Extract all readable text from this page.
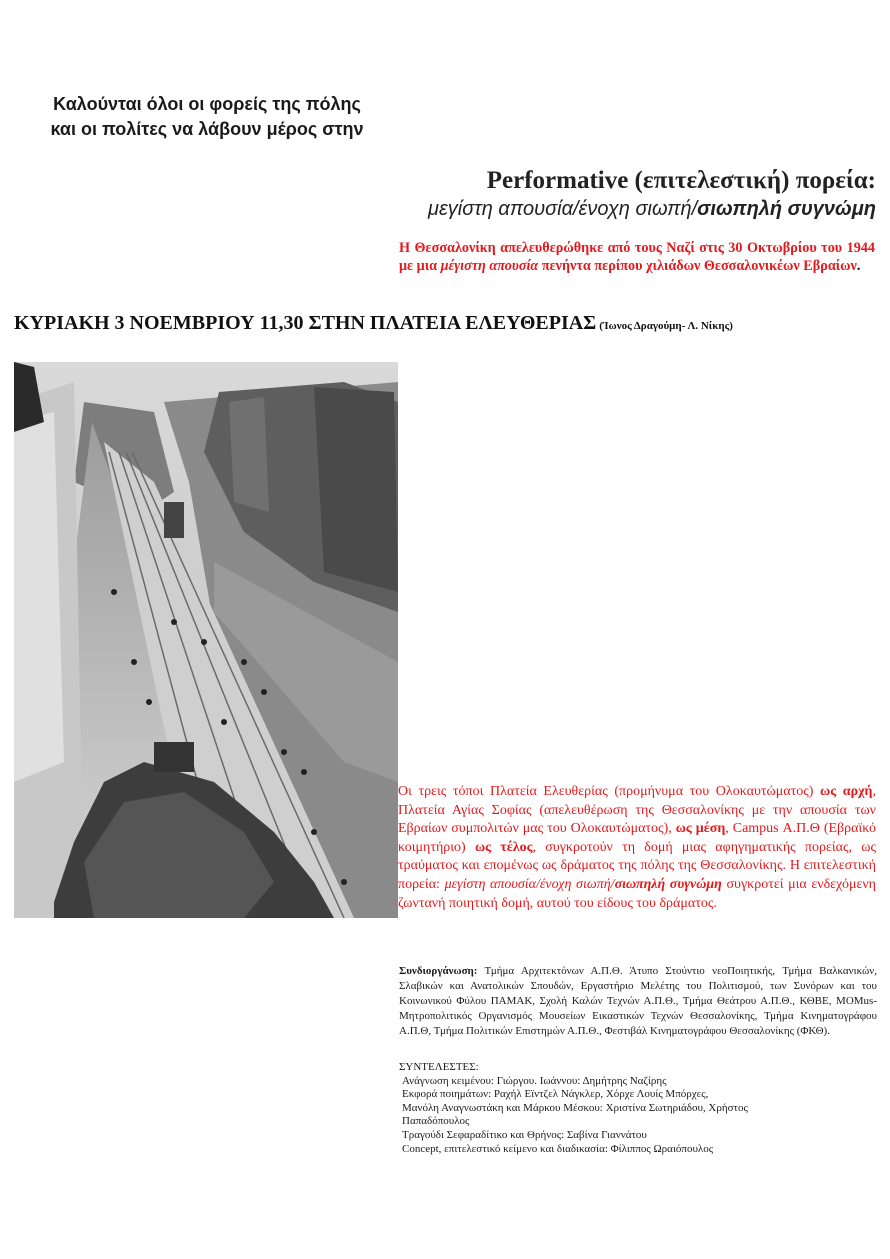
Καλούνται όλοι οι φορείς της πόλης
και οι πολίτες να λάβουν μέρος στην
Performative (επιτελεστική) πορεία:
μεγίστη απουσία/ένοχη σιωπή/σιωπηλή συγνώμη
Η Θεσσαλονίκη απελευθερώθηκε από τους Ναζί στις 30 Οκτωβρίου του 1944 με μια μέγιστη απουσία πενήντα περίπου χιλιάδων Θεσσαλονικέων Εβραίων.
ΚΥΡΙΑΚΗ 3 ΝΟΕΜΒΡΙΟΥ 11,30 ΣΤΗΝ ΠΛΑΤΕΙΑ ΕΛΕΥΘΕΡΙΑΣ (Ίωνος Δραγούμη- Λ. Νίκης)
Οι τρεις τόποι Πλατεία Ελευθερίας (προμήνυμα του Ολοκαυτώματος) ως αρχή, Πλατεία Αγίας Σοφίας (απελευθέρωση της Θεσσαλονίκης με την απουσία των Εβραίων συμπολιτών μας του Ολοκαυτώματος), ως μέση, Campus Α.Π.Θ (Εβραϊκό κοιμητήριο) ως τέλος, συγκροτούν τη δομή μιας αφηγηματικής πορείας, ως τραύματος και επομένως ως δράματος της πόλης της Θεσσαλονίκης. Η επιτελεστική πορεία: μεγίστη απουσία/ένοχη σιωπή/σιωπηλή συγνώμη συγκροτεί μια ενδεχόμενη ζωντανή ποιητική δομή, αυτού του είδους του δράματος.
Συνδιοργάνωση: Τμήμα Αρχιτεκτόνων Α.Π.Θ. Άτυπο Στούντιο νεοΠοιητικής, Τμήμα Βαλκανικών, Σλαβικών και Ανατολικών Σπουδών, Εργαστήριο Μελέτης του Πολιτισμού, των Συνόρων και του Κοινωνικού Φύλου ΠΑΜΑΚ, Σχολή Καλών Τεχνών Α.Π.Θ., Τμήμα Θεάτρου Α.Π.Θ., ΚΘΒΕ, MOMus-Μητροπολιτικός Οργανισμός Μουσείων Εικαστικών Τεχνών Θεσσαλονίκης, Τμήμα Κινηματογράφου Α.Π.Θ, Τμήμα Πολιτικών Επιστημών Α.Π.Θ., Φεστιβάλ Κινηματογράφου Θεσσαλονίκης (ΦΚΘ).
ΣΥΝΤΕΛΕΣΤΕΣ:
Ανάγνωση κειμένου: Γιώργου. Ιωάννου: Δημήτρης Ναζίρης
Εκφορά ποιημάτων: Ραχήλ Εϊντζελ Νάγκλερ, Χόρχε Λουίς Μπόρχες,
Μανόλη Αναγνωστάκη και Μάρκου Μέσκου: Χριστίνα Σωτηριάδου, Χρήστος
Παπαδόπουλος
Τραγούδι Σεφαραδίτικο και Θρήνος: Σαβίνα Γιαννάτου
Concept, επιτελεστικό κείμενο και διαδικασία: Φίλιππος Ωραιόπουλος
